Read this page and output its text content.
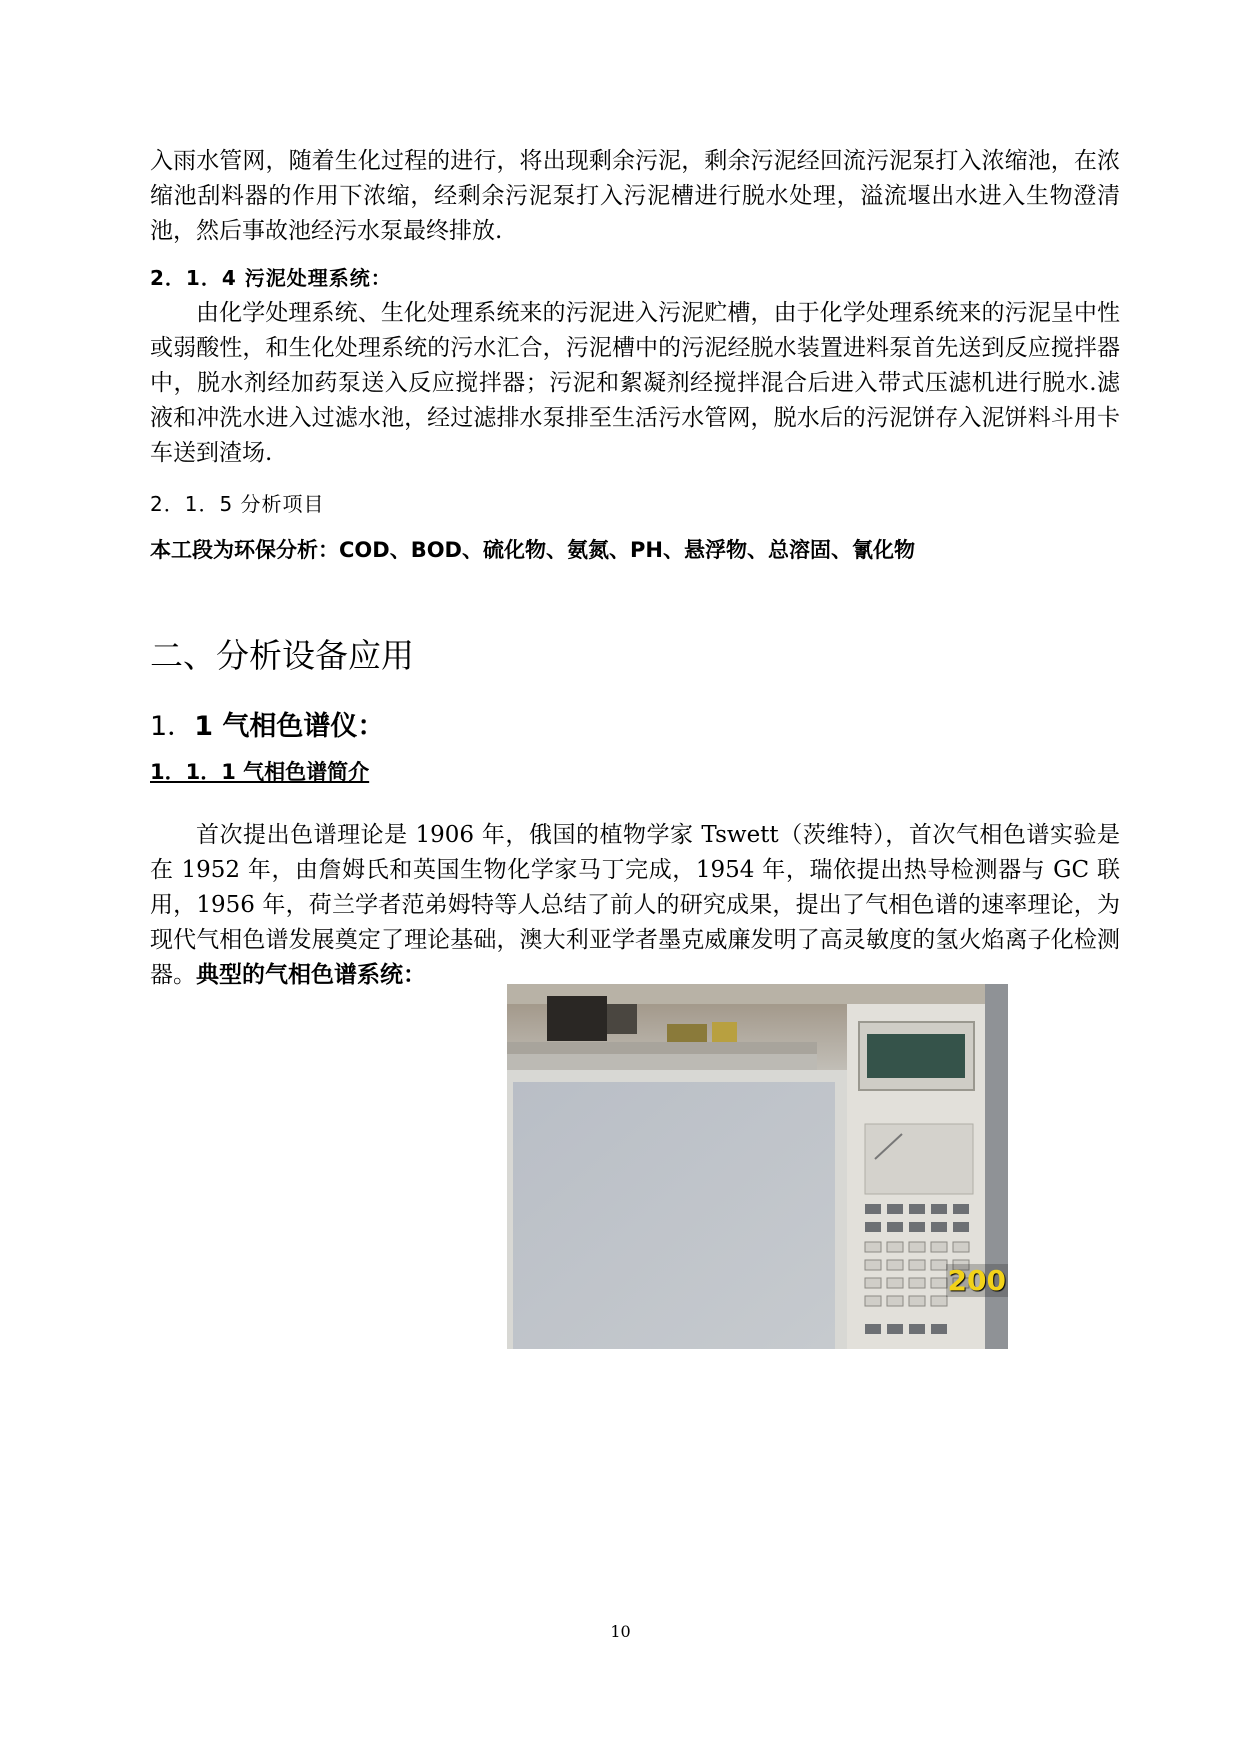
入雨水管网，随着生化过程的进行，将出现剩余污泥，剩余污泥经回流污泥泵打入浓缩池，在浓缩池刮料器的作用下浓缩，经剩余污泥泵打入污泥槽进行脱水处理，溢流堰出水进入生物澄清池，然后事故池经污水泵最终排放.

2．1．4 污泥处理系统：

由化学处理系统、生化处理系统来的污泥进入污泥贮槽，由于化学处理系统来的污泥呈中性或弱酸性，和生化处理系统的污水汇合，污泥槽中的污泥经脱水装置进料泵首先送到反应搅拌器中，脱水剂经加药泵送入反应搅拌器；污泥和絮凝剂经搅拌混合后进入带式压滤机进行脱水.滤液和冲洗水进入过滤水池，经过滤排水泵排至生活污水管网，脱水后的污泥饼存入泥饼料斗用卡车送到渣场.

2．1．5 分析项目
本工段为环保分析：COD、BOD、硫化物、氨氮、PH、悬浮物、总溶固、氰化物
二、分析设备应用
1．1 气相色谱仪：
1．1．1 气相色谱简介

首次提出色谱理论是 1906 年，俄国的植物学家 Tswett（茨维特），首次气相色谱实验是在 1952 年，由詹姆氏和英国生物化学家马丁完成，1954 年，瑞依提出热导检测器与 GC 联用，1956 年，荷兰学者范弟姆特等人总结了前人的研究成果，提出了气相色谱的速率理论，为现代气相色谱发展奠定了理论基础，澳大利亚学者墨克威廉发明了高灵敏度的氢火焰离子化检测器。典型的气相色谱系统：

200
10
